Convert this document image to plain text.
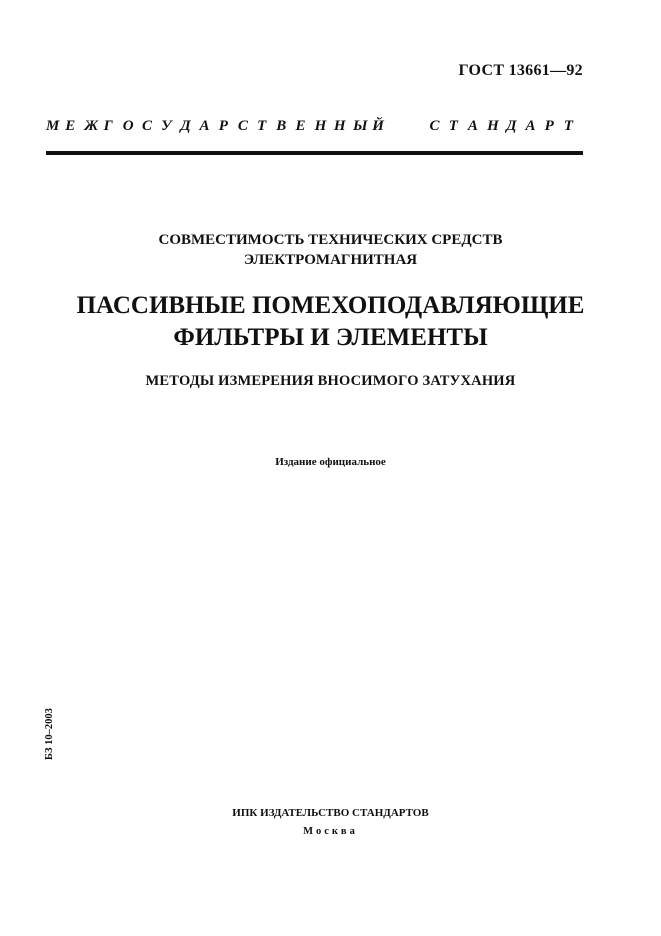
ГОСТ 13661—92
М Е Ж Г О С У Д А Р С Т В Е Н Н Ы Й	С Т А Н Д А Р Т
СОВМЕСТИМОСТЬ ТЕХНИЧЕСКИХ СРЕДСТВ
ЭЛЕКТРОМАГНИТНАЯ
ПАССИВНЫЕ ПОМЕХОПОДАВЛЯЮЩИЕ
ФИЛЬТРЫ И ЭЛЕМЕНТЫ
МЕТОДЫ ИЗМЕРЕНИЯ ВНОСИМОГО ЗАТУХАНИЯ
Издание официальное
БЗ 10–2003
ИПК ИЗДАТЕЛЬСТВО СТАНДАРТОВ
Москва
